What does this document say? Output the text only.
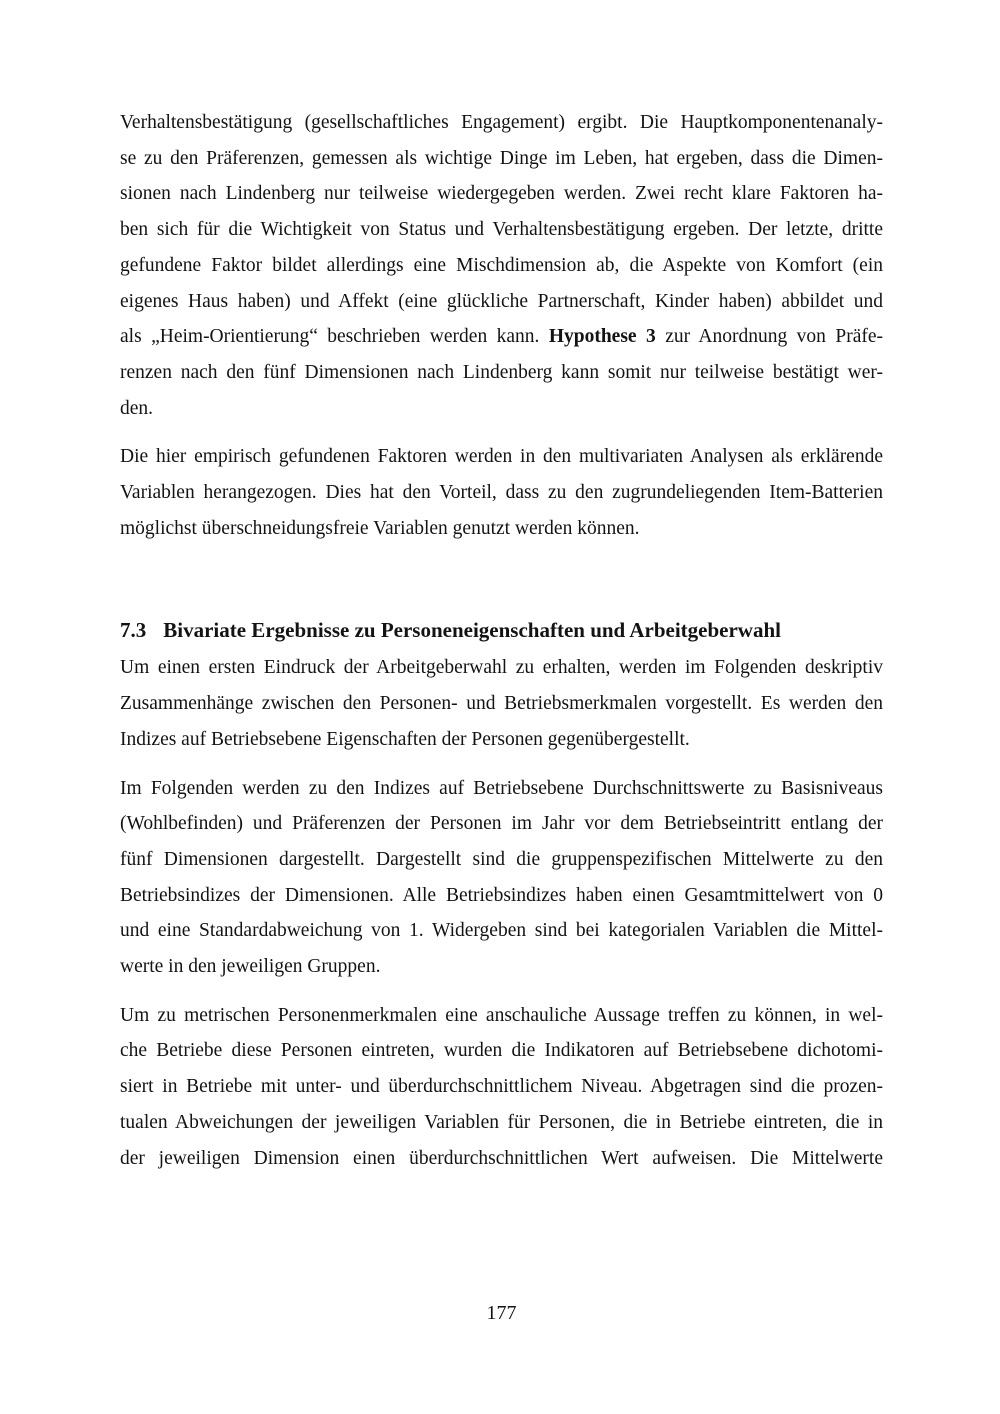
Verhaltensbestätigung (gesellschaftliches Engagement) ergibt. Die Hauptkomponentenanaly-
se zu den Präferenzen, gemessen als wichtige Dinge im Leben, hat ergeben, dass die Dimen-
sionen nach Lindenberg nur teilweise wiedergegeben werden. Zwei recht klare Faktoren ha-
ben sich für die Wichtigkeit von Status und Verhaltensbestätigung ergeben. Der letzte, dritte
gefundene Faktor bildet allerdings eine Mischdimension ab, die Aspekte von Komfort (ein
eigenes Haus haben) und Affekt (eine glückliche Partnerschaft, Kinder haben) abbildet und
als „Heim-Orientierung“ beschrieben werden kann. Hypothese 3 zur Anordnung von Präfe-
renzen nach den fünf Dimensionen nach Lindenberg kann somit nur teilweise bestätigt wer-
den.

Die hier empirisch gefundenen Faktoren werden in den multivariaten Analysen als erklärende
Variablen herangezogen. Dies hat den Vorteil, dass zu den zugrundeliegenden Item-Batterien
möglichst überschneidungsfreie Variablen genutzt werden können.

7.3 Bivariate Ergebnisse zu Personeneigenschaften und Arbeitgeberwahl

Um einen ersten Eindruck der Arbeitgeberwahl zu erhalten, werden im Folgenden deskriptiv
Zusammenhänge zwischen den Personen- und Betriebsmerkmalen vorgestellt. Es werden den
Indizes auf Betriebsebene Eigenschaften der Personen gegenübergestellt.

Im Folgenden werden zu den Indizes auf Betriebsebene Durchschnittswerte zu Basisniveaus
(Wohlbefinden) und Präferenzen der Personen im Jahr vor dem Betriebseintritt entlang der
fünf Dimensionen dargestellt. Dargestellt sind die gruppenspezifischen Mittelwerte zu den
Betriebsindizes der Dimensionen. Alle Betriebsindizes haben einen Gesamtmittelwert von 0
und eine Standardabweichung von 1. Widergeben sind bei kategorialen Variablen die Mittel-
werte in den jeweiligen Gruppen.

Um zu metrischen Personenmerkmalen eine anschauliche Aussage treffen zu können, in wel-
che Betriebe diese Personen eintreten, wurden die Indikatoren auf Betriebsebene dichotomi-
siert in Betriebe mit unter- und überdurchschnittlichem Niveau. Abgetragen sind die prozen-
tualen Abweichungen der jeweiligen Variablen für Personen, die in Betriebe eintreten, die in
der jeweiligen Dimension einen überdurchschnittlichen Wert aufweisen. Die Mittelwerte

177
